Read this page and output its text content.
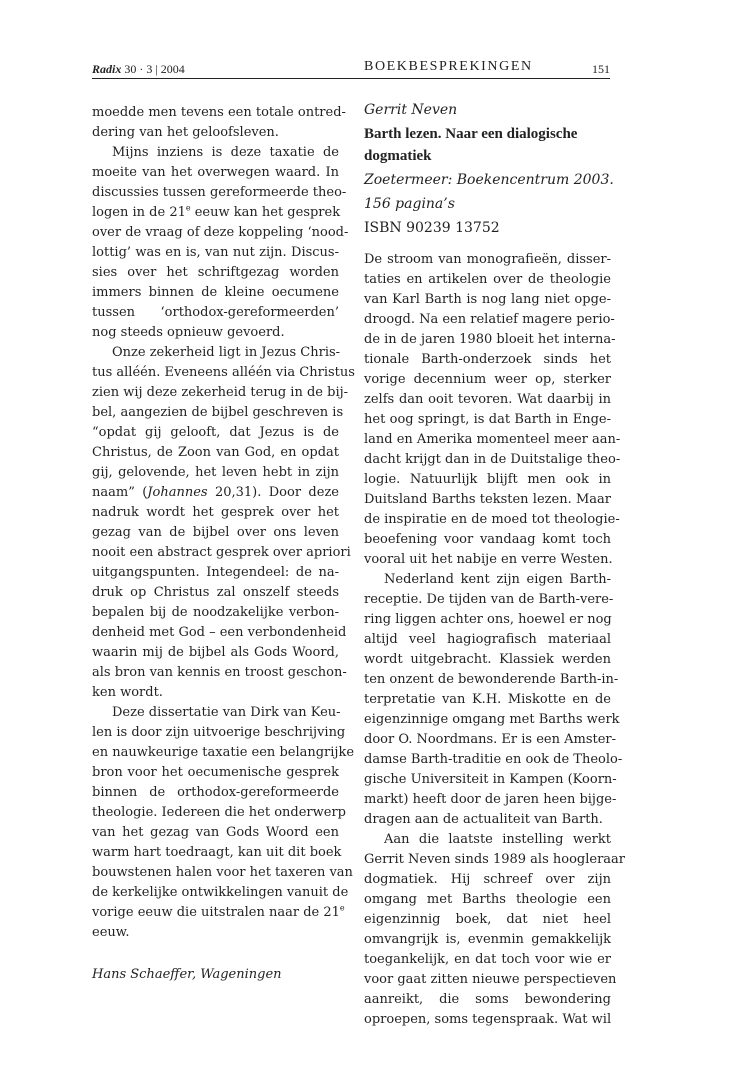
Radix 30 · 3 | 2004	BOEKBESPREKINGEN	151
moedde men tevens een totale ontred-
dering van het geloofsleven.
Mijns inziens is deze taxatie de
moeite van het overwegen waard. In
discussies tussen gereformeerde theo-
logen in de 21e eeuw kan het gesprek
over de vraag of deze koppeling ‘nood-
lottig’ was en is, van nut zijn. Discus-
sies over het schriftgezag worden
immers binnen de kleine oecumene
tussen ‘orthodox-gereformeerden’
nog steeds opnieuw gevoerd.
Onze zekerheid ligt in Jezus Chris-
tus alléén. Eveneens alléén via Christus
zien wij deze zekerheid terug in de bij-
bel, aangezien de bijbel geschreven is
“opdat gij gelooft, dat Jezus is de
Christus, de Zoon van God, en opdat
gij, gelovende, het leven hebt in zijn
naam” (Johannes 20,31). Door deze
nadruk wordt het gesprek over het
gezag van de bijbel over ons leven
nooit een abstract gesprek over apriori
uitgangspunten. Integendeel: de na-
druk op Christus zal onszelf steeds
bepalen bij de noodzakelijke verbon-
denheid met God – een verbondenheid
waarin mij de bijbel als Gods Woord,
als bron van kennis en troost geschon-
ken wordt.
Deze dissertatie van Dirk van Keu-
len is door zijn uitvoerige beschrijving
en nauwkeurige taxatie een belangrijke
bron voor het oecumenische gesprek
binnen de orthodox-gereformeerde
theologie. Iedereen die het onderwerp
van het gezag van Gods Woord een
warm hart toedraagt, kan uit dit boek
bouwstenen halen voor het taxeren van
de kerkelijke ontwikkelingen vanuit de
vorige eeuw die uitstralen naar de 21e
eeuw.
Hans Schaeffer, Wageningen
Gerrit Neven
Barth lezen. Naar een dialogische
dogmatiek
Zoetermeer: Boekencentrum 2003.
156 pagina’s
ISBN 90239 13752
De stroom van monografieën, disser-
taties en artikelen over de theologie
van Karl Barth is nog lang niet opge-
droogd. Na een relatief magere perio-
de in de jaren 1980 bloeit het interna-
tionale Barth-onderzoek sinds het
vorige decennium weer op, sterker
zelfs dan ooit tevoren. Wat daarbij in
het oog springt, is dat Barth in Enge-
land en Amerika momenteel meer aan-
dacht krijgt dan in de Duitstalige theo-
logie. Natuurlijk blijft men ook in
Duitsland Barths teksten lezen. Maar
de inspiratie en de moed tot theologie-
beoefening voor vandaag komt toch
vooral uit het nabije en verre Westen.
Nederland kent zijn eigen Barth-
receptie. De tijden van de Barth-vere-
ring liggen achter ons, hoewel er nog
altijd veel hagiografisch materiaal
wordt uitgebracht. Klassiek werden
ten onzent de bewonderende Barth-in-
terpretatie van K.H. Miskotte en de
eigenzinnige omgang met Barths werk
door O. Noordmans. Er is een Amster-
damse Barth-traditie en ook de Theolo-
gische Universiteit in Kampen (Koorn-
markt) heeft door de jaren heen bijge-
dragen aan de actualiteit van Barth.
Aan die laatste instelling werkt
Gerrit Neven sinds 1989 als hoogleraar
dogmatiek. Hij schreef over zijn
omgang met Barths theologie een
eigenzinnig boek, dat niet heel
omvangrijk is, evenmin gemakkelijk
toegankelijk, en dat toch voor wie er
voor gaat zitten nieuwe perspectieven
aanreikt, die soms bewondering
oproepen, soms tegenspraak. Wat wil
